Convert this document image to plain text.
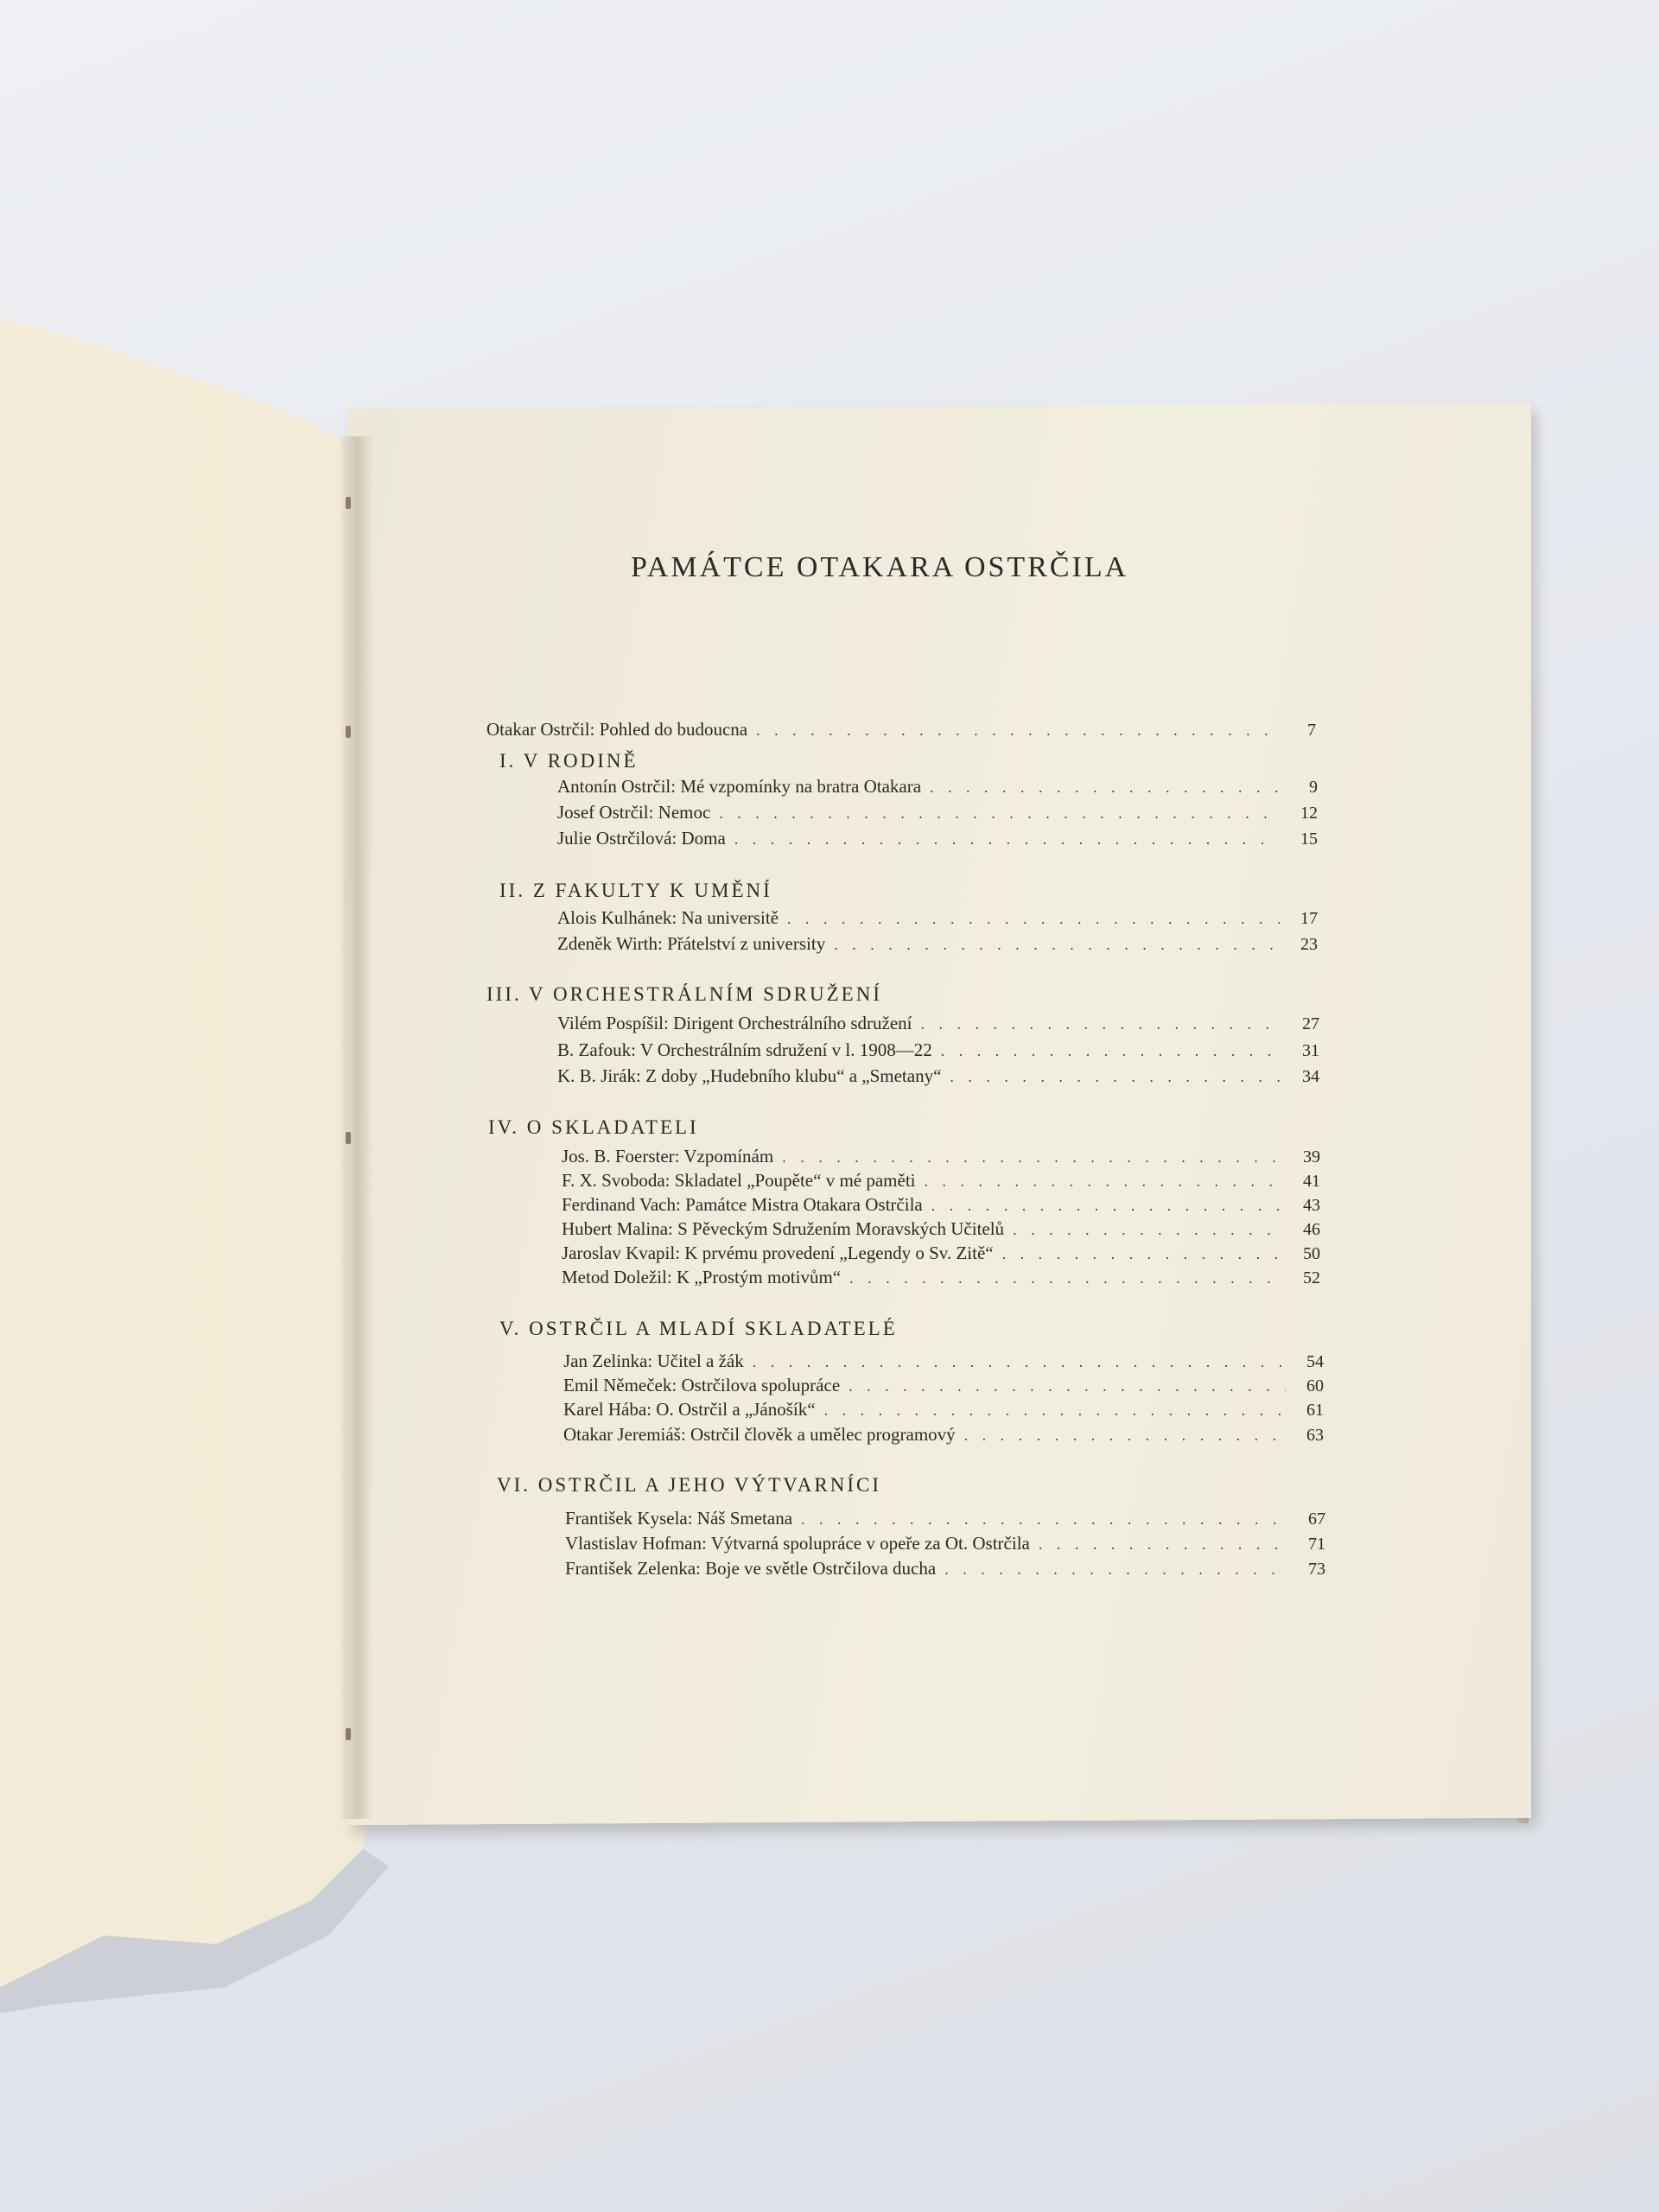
PAMÁTCE OTAKARA OSTRČILA
Otakar Ostrčil: Pohled do budoucna . . .	7
I. V RODINĚ
Antonín Ostrčil: Mé vzpomínky na bratra Otakara . . .	9
Josef Ostrčil: Nemoc . . .	12
Julie Ostrčilová: Doma . . .	15
II. Z FAKULTY K UMĚNÍ
Alois Kulhánek: Na universitě . . .	17
Zdeněk Wirth: Přátelství z university . . .	23
III. V ORCHESTRÁLNÍM SDRUŽENÍ
Vilém Pospíšil: Dirigent Orchestrálního sdružení . . .	27
B. Zafouk: V Orchestrálním sdružení v l. 1908—22 . . .	31
K. B. Jirák: Z doby „Hudebního klubu“ a „Smetany“ . . .	34
IV. O SKLADATELI
Jos. B. Foerster: Vzpomínám . . .	39
F. X. Svoboda: Skladatel „Poupěte“ v mé paměti . . .	41
Ferdinand Vach: Památce Mistra Otakara Ostrčila . . .	43
Hubert Malina: S Pěveckým Sdružením Moravských Učitelů . . .	46
Jaroslav Kvapil: K prvému provedení „Legendy o Sv. Zitě“ . . .	50
Metod Doležil: K „Prostým motivům“ . . .	52
V. OSTRČIL A MLADÍ SKLADATELÉ
Jan Zelinka: Učitel a žák . . .	54
Emil Němeček: Ostrčilova spolupráce . . .	60
Karel Hába: O. Ostrčil a „Jánošík“ . . .	61
Otakar Jeremiáš: Ostrčil člověk a umělec programový . . .	63
VI. OSTRČIL A JEHO VÝTVARNÍCI
František Kysela: Náš Smetana . . .	67
Vlastislav Hofman: Výtvarná spolupráce v opeře za Ot. Ostrčila . . .	71
František Zelenka: Boje ve světle Ostrčilova ducha . . .	73
